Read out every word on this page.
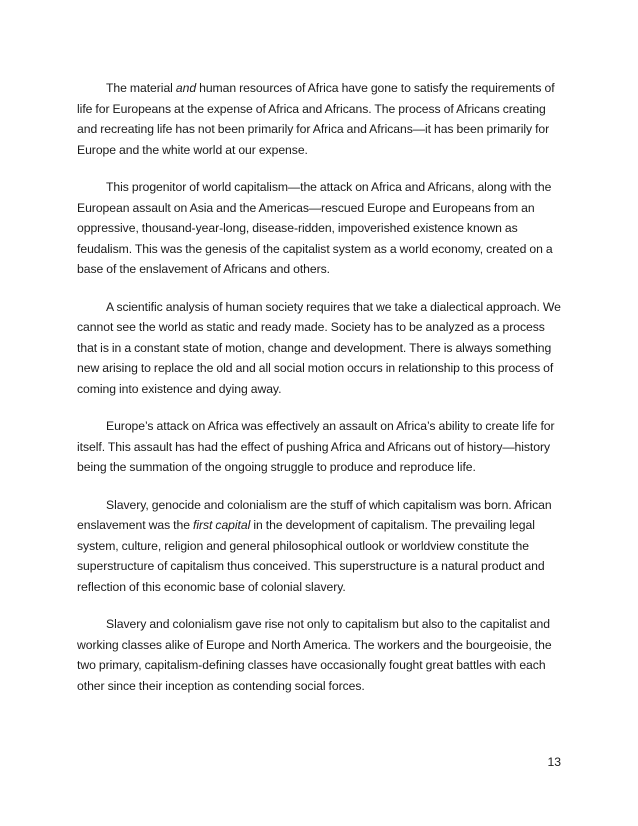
The material and human resources of Africa have gone to satisfy the requirements of life for Europeans at the expense of Africa and Africans. The process of Africans creating and recreating life has not been primarily for Africa and Africans—it has been primarily for Europe and the white world at our expense.

This progenitor of world capitalism—the attack on Africa and Africans, along with the European assault on Asia and the Americas—rescued Europe and Europeans from an oppressive, thousand-year-long, disease-ridden, impoverished existence known as feudalism. This was the genesis of the capitalist system as a world economy, created on a base of the enslavement of Africans and others.

A scientific analysis of human society requires that we take a dialectical approach. We cannot see the world as static and ready made. Society has to be analyzed as a process that is in a constant state of motion, change and development. There is always something new arising to replace the old and all social motion occurs in relationship to this process of coming into existence and dying away.

Europe’s attack on Africa was effectively an assault on Africa’s ability to create life for itself. This assault has had the effect of pushing Africa and Africans out of history—history being the summation of the ongoing struggle to produce and reproduce life.

Slavery, genocide and colonialism are the stuff of which capitalism was born. African enslavement was the first capital in the development of capitalism. The prevailing legal system, culture, religion and general philosophical outlook or worldview constitute the superstructure of capitalism thus conceived. This superstructure is a natural product and reflection of this economic base of colonial slavery.

Slavery and colonialism gave rise not only to capitalism but also to the capitalist and working classes alike of Europe and North America. The workers and the bourgeoisie, the two primary, capitalism-defining classes have occasionally fought great battles with each other since their inception as contending social forces.

13
